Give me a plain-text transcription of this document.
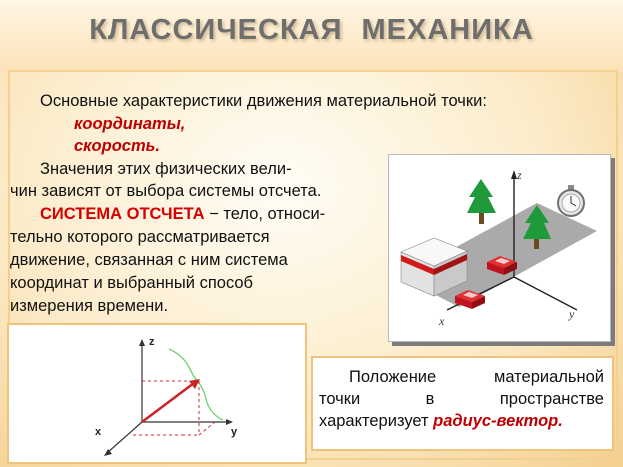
КЛАССИЧЕСКАЯ МЕХАНИКА
Основные характеристики движения материальной точки:
координаты,
скорость.
Значения этих физических вели-
чин зависят от выбора системы отсчета.
СИСТЕМА ОТСЧЕТА − тело, относи-
тельно которого рассматривается
движение, связанная с ним система
координат и выбранный способ
измерения времени.
z
x	y
z
x	y
Положение	материальной
точки	в	пространстве
характеризует радиус-вектор.
